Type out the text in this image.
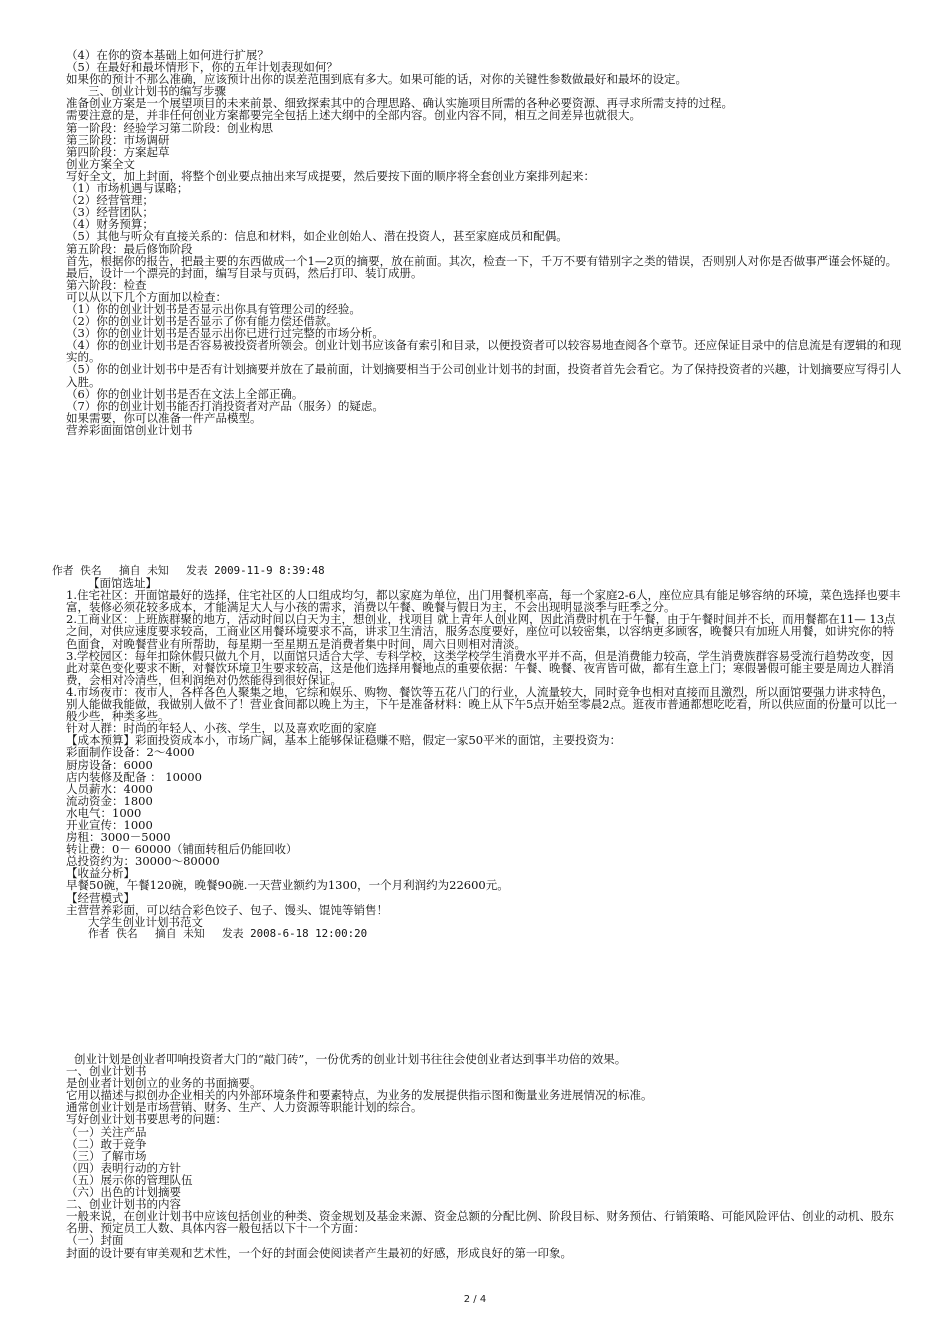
（4）在你的资本基础上如何进行扩展？

（5）在最好和最坏情形下，你的五年计划表现如何？

如果你的预计不那么准确，应该预计出你的误差范围到底有多大。如果可能的话，对你的关键性参数做最好和最坏的设定。

三、创业计划书的编写步骤

准备创业方案是一个展望项目的未来前景、细致探索其中的合理思路、确认实施项目所需的各种必要资源、再寻求所需支持的过程。

需要注意的是，并非任何创业方案都要完全包括上述大纲中的全部内容。创业内容不同，相互之间差异也就很大。

第一阶段：经验学习第二阶段：创业构思

第三阶段：市场调研

第四阶段：方案起草

创业方案全文

写好全文，加上封面，将整个创业要点抽出来写成提要，然后要按下面的顺序将全套创业方案排列起来：

（1）市场机遇与谋略；

（2）经营管理；

（3）经营团队；

（4）财务预算；

（5）其他与听众有直接关系的：信息和材料，如企业创始人、潜在投资人，甚至家庭成员和配偶。

第五阶段：最后修饰阶段

首先，根据你的报告，把最主要的东西做成一个1—2页的摘要，放在前面。其次，检查一下，千万不要有错别字之类的错误，否则别人对你是否做事严谨会怀疑的。最后，设计一个漂亮的封面，编写目录与页码，然后打印、装订成册。

第六阶段：检查

可以从以下几个方面加以检查：

（1）你的创业计划书是否显示出你具有管理公司的经验。

（2）你的创业计划书是否显示了你有能力偿还借款。

（3）你的创业计划书是否显示出你已进行过完整的市场分析。

（4）你的创业计划书是否容易被投资者所领会。创业计划书应该备有索引和目录，以便投资者可以较容易地查阅各个章节。还应保证目录中的信息流是有逻辑的和现实的。

（5）你的创业计划书中是否有计划摘要并放在了最前面，计划摘要相当于公司创业计划书的封面，投资者首先会看它。为了保持投资者的兴趣，计划摘要应写得引人入胜。

（6）你的创业计划书是否在文法上全部正确。

（7）你的创业计划书能否打消投资者对产品（服务）的疑虑。

如果需要，你可以准备一件产品模型。

营养彩面面馆创业计划书

作者 佚名　 摘自 未知　 发表 2009-11-9 8:39:48

【面馆选址】

1.住宅社区：开面馆最好的选择，住宅社区的人口组成均匀，都以家庭为单位，出门用餐机率高，每一个家庭2-6人，座位应具有能足够容纳的环境，菜色选择也要丰富，装修必须花较多成本，才能满足大人与小孩的需求，消费以午餐、晚餐与假日为主，不会出现明显淡季与旺季之分。

2.工商业区：上班族群聚的地方，活动时间以白天为主，想创业，找项目 就上青年人创业网，因此消费时机在于午餐，由于午餐时间并不长，而用餐都在11— 13点之间，对供应速度要求较高，工商业区用餐环境要求不高，讲求卫生清洁，服务态度要好，座位可以较密集，以容纳更多顾客，晚餐只有加班人用餐，如讲究你的特色面食，对晚餐营业有所帮助，每星期一至星期五是消费者集中时间，周六日则相对清淡。

3.学校园区：每年扣除休假只做九个月，以面馆只适合大学、专科学校，这类学校学生消费水平并不高，但是消费能力较高，学生消费族群容易受流行趋势改变，因此对菜色变化要求不断，对餐饮环境卫生要求较高，这是他们选择用餐地点的重要依据：午餐、晚餐、夜宵皆可做，都有生意上门；寒假暑假可能主要是周边人群消费，会相对冷清些，但利润绝对仍然能得到很好保证。

4.市场夜市：夜市人，各样各色人聚集之地，它综和娱乐、购物、餐饮等五花八门的行业，人流量较大，同时竞争也相对直接而且激烈，所以面馆要强力讲求特色，别人能做我能做，我做别人做不了！营业食间都以晚上为主，下午是准备材料：晚上从下午5点开始至零晨2点。逛夜市普通都想吃吃看，所以供应面的份量可以比一般少些，种类多些。

针对人群：时尚的年轻人、小孩、学生，以及喜欢吃面的家庭

【成本预算】彩面投资成本小，市场广阔，基本上能够保证稳赚不赔，假定一家50平米的面馆，主要投资为：

彩面制作设备：2～4000

厨房设备：6000

店内装修及配备 ： 10000

人员薪水：4000

流动资金：1800

水电气：1000

开业宣传：1000

房租：3000－5000

转让费：0－ 60000（铺面转租后仍能回收）

总投资约为：30000～80000

【收益分析】

早餐50碗，午餐120碗，晚餐90碗.一天营业额约为1300，一个月利润约为22600元。

【经营模式】

主营营养彩面，可以结合彩色饺子、包子、馒头、馄饨等销售！

大学生创业计划书范文

作者 佚名　 摘自 未知　 发表 2008-6-18 12:00:20

创业计划是创业者叩响投资者大门的“敲门砖”，一份优秀的创业计划书往往会使创业者达到事半功倍的效果。

一、创业计划书

是创业者计划创立的业务的书面摘要。

它用以描述与拟创办企业相关的内外部环境条件和要素特点，为业务的发展提供指示图和衡量业务进展情况的标准。

通常创业计划是市场营销、财务、生产、人力资源等职能计划的综合。

写好创业计划书要思考的问题：

（一）关注产品

（二）敢于竞争

（三）了解市场

（四）表明行动的方针

（五）展示你的管理队伍

（六）出色的计划摘要

二、创业计划书的内容

一般来说，在创业计划书中应该包括创业的种类、资金规划及基金来源、资金总额的分配比例、阶段目标、财务预估、行销策略、可能风险评估、创业的动机、股东名册、预定员工人数、具体内容一般包括以下十一个方面：

（一）封面

封面的设计要有审美观和艺术性，一个好的封面会使阅读者产生最初的好感，形成良好的第一印象。

2 / 4
